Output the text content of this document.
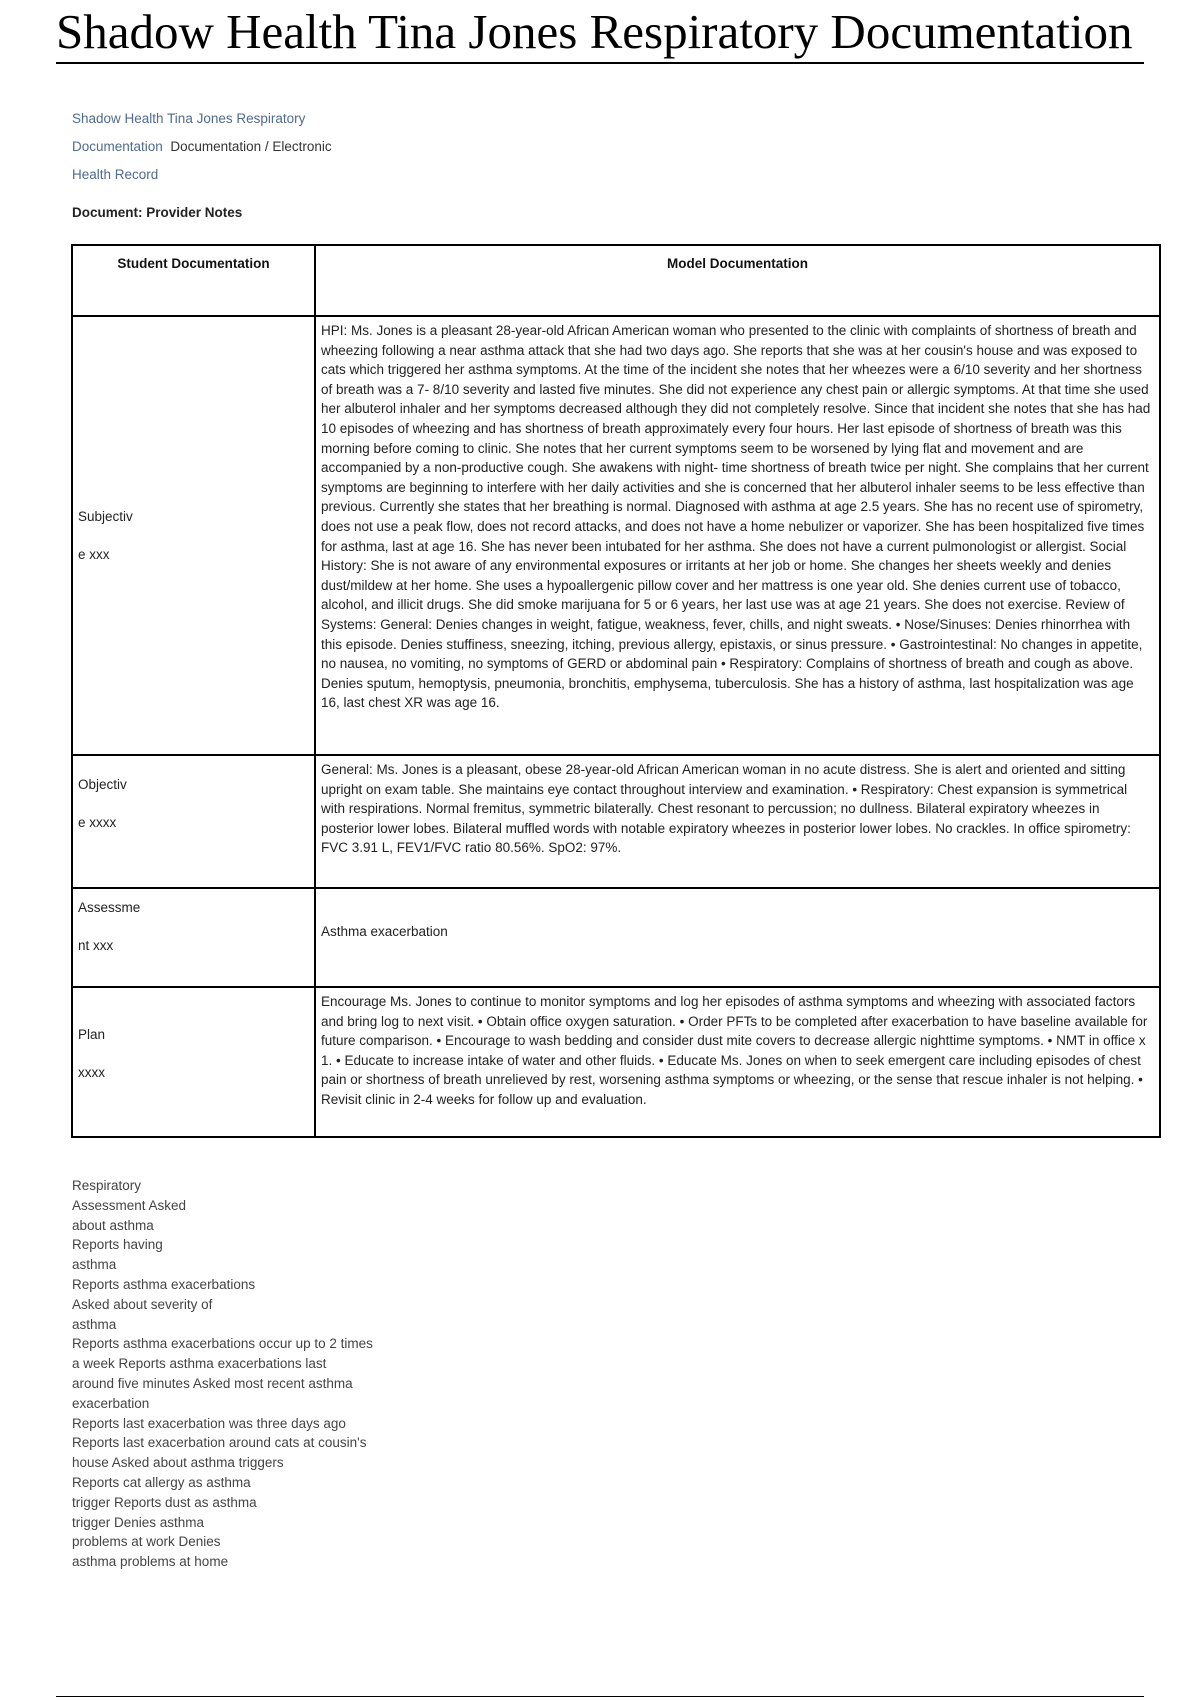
Shadow Health Tina Jones Respiratory Documentation
Shadow Health Tina Jones Respiratory
Documentation Documentation / Electronic
Health Record
Document: Provider Notes
Student Documentation	Model Documentation

Subjectiv
e xxx	HPI: Ms. Jones is a pleasant 28-year-old African American woman who presented to the clinic with complaints of shortness of breath and wheezing following a near asthma attack that she had two days ago. She reports that she was at her cousin's house and was exposed to cats which triggered her asthma symptoms. At the time of the incident she notes that her wheezes were a 6/10 severity and her shortness of breath was a 7- 8/10 severity and lasted five minutes. She did not experience any chest pain or allergic symptoms. At that time she used her albuterol inhaler and her symptoms decreased although they did not completely resolve. Since that incident she notes that she has had 10 episodes of wheezing and has shortness of breath approximately every four hours. Her last episode of shortness of breath was this morning before coming to clinic. She notes that her current symptoms seem to be worsened by lying flat and movement and are accompanied by a non-productive cough. She awakens with night- time shortness of breath twice per night. She complains that her current symptoms are beginning to interfere with her daily activities and she is concerned that her albuterol inhaler seems to be less effective than previous. Currently she states that her breathing is normal. Diagnosed with asthma at age 2.5 years. She has no recent use of spirometry, does not use a peak flow, does not record attacks, and does not have a home nebulizer or vaporizer. She has been hospitalized five times for asthma, last at age 16. She has never been intubated for her asthma. She does not have a current pulmonologist or allergist. Social History: She is not aware of any environmental exposures or irritants at her job or home. She changes her sheets weekly and denies dust/mildew at her home. She uses a hypoallergenic pillow cover and her mattress is one year old. She denies current use of tobacco, alcohol, and illicit drugs. She did smoke marijuana for 5 or 6 years, her last use was at age 21 years. She does not exercise. Review of Systems: General: Denies changes in weight, fatigue, weakness, fever, chills, and night sweats. • Nose/Sinuses: Denies rhinorrhea with this episode. Denies stuffiness, sneezing, itching, previous allergy, epistaxis, or sinus pressure. • Gastrointestinal: No changes in appetite, no nausea, no vomiting, no symptoms of GERD or abdominal pain • Respiratory: Complains of shortness of breath and cough as above. Denies sputum, hemoptysis, pneumonia, bronchitis, emphysema, tuberculosis. She has a history of asthma, last hospitalization was age 16, last chest XR was age 16.

Objectiv
e xxxx	General: Ms. Jones is a pleasant, obese 28-year-old African American woman in no acute distress. She is alert and oriented and sitting upright on exam table. She maintains eye contact throughout interview and examination. • Respiratory: Chest expansion is symmetrical with respirations. Normal fremitus, symmetric bilaterally. Chest resonant to percussion; no dullness. Bilateral expiratory wheezes in posterior lower lobes. Bilateral muffled words with notable expiratory wheezes in posterior lower lobes. No crackles. In office spirometry: FVC 3.91 L, FEV1/FVC ratio 80.56%. SpO2: 97%.

Assessme
nt xxx	Asthma exacerbation

Plan
xxxx	Encourage Ms. Jones to continue to monitor symptoms and log her episodes of asthma symptoms and wheezing with associated factors and bring log to next visit. • Obtain office oxygen saturation. • Order PFTs to be completed after exacerbation to have baseline available for future comparison. • Encourage to wash bedding and consider dust mite covers to decrease allergic nighttime symptoms. • NMT in office x 1. • Educate to increase intake of water and other fluids. • Educate Ms. Jones on when to seek emergent care including episodes of chest pain or shortness of breath unrelieved by rest, worsening asthma symptoms or wheezing, or the sense that rescue inhaler is not helping. • Revisit clinic in 2-4 weeks for follow up and evaluation.
Respiratory
Assessment Asked
about asthma
Reports having
asthma
Reports asthma exacerbations
Asked about severity of
asthma
Reports asthma exacerbations occur up to 2 times
a week Reports asthma exacerbations last
around five minutes Asked most recent asthma
exacerbation
Reports last exacerbation was three days ago
Reports last exacerbation around cats at cousin's
house Asked about asthma triggers
Reports cat allergy as asthma
trigger Reports dust as asthma
trigger Denies asthma
problems at work Denies
asthma problems at home
